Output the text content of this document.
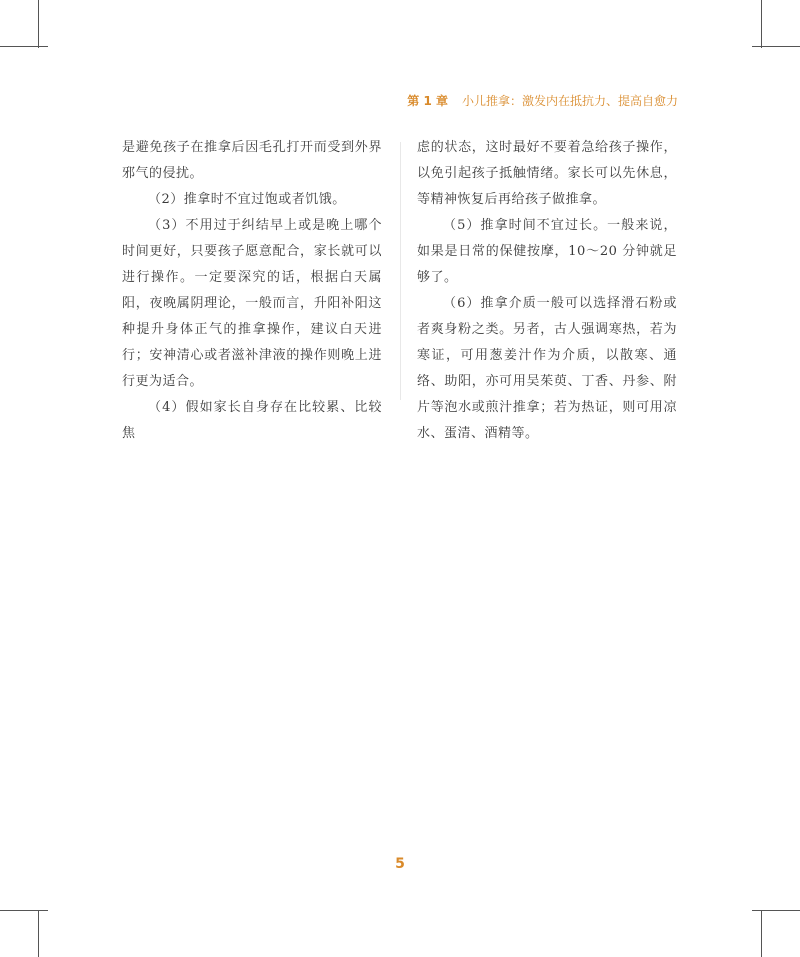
第 1 章 小儿推拿：激发内在抵抗力、提高自愈力

是避免孩子在推拿后因毛孔打开而受到外界邪气的侵扰。

（2）推拿时不宜过饱或者饥饿。

（3）不用过于纠结早上或是晚上哪个时间更好，只要孩子愿意配合，家长就可以进行操作。一定要深究的话，根据白天属阳，夜晚属阴理论，一般而言，升阳补阳这种提升身体正气的推拿操作，建议白天进行；安神清心或者滋补津液的操作则晚上进行更为适合。

（4）假如家长自身存在比较累、比较焦

虑的状态，这时最好不要着急给孩子操作，以免引起孩子抵触情绪。家长可以先休息，等精神恢复后再给孩子做推拿。

（5）推拿时间不宜过长。一般来说，如果是日常的保健按摩，10～20 分钟就足够了。

（6）推拿介质一般可以选择滑石粉或者爽身粉之类。另者，古人强调寒热，若为寒证，可用葱姜汁作为介质，以散寒、通络、助阳，亦可用吴茱萸、丁香、丹参、附片等泡水或煎汁推拿；若为热证，则可用凉水、蛋清、酒精等。

5
